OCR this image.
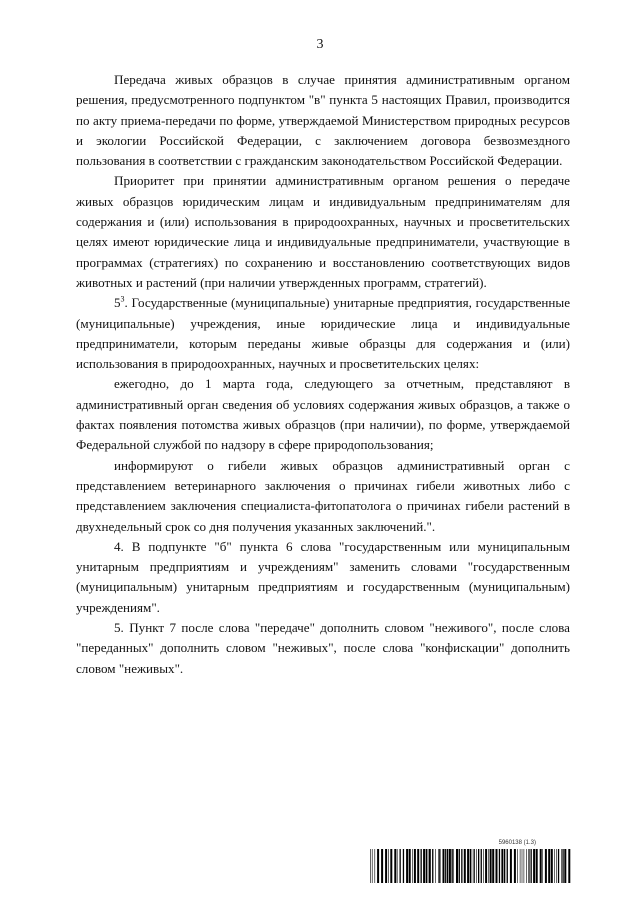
3

Передача живых образцов в случае принятия административным органом решения, предусмотренного подпунктом "в" пункта 5 настоящих Правил, производится по акту приема-передачи по форме, утверждаемой Министерством природных ресурсов и экологии Российской Федерации, с заключением договора безвозмездного пользования в соответствии с гражданским законодательством Российской Федерации.

Приоритет при принятии административным органом решения о передаче живых образцов юридическим лицам и индивидуальным предпринимателям для содержания и (или) использования в природоохранных, научных и просветительских целях имеют юридические лица и индивидуальные предприниматели, участвующие в программах (стратегиях) по сохранению и восстановлению соответствующих видов животных и растений (при наличии утвержденных программ, стратегий).

$5^3$. Государственные (муниципальные) унитарные предприятия, государственные (муниципальные) учреждения, иные юридические лица и индивидуальные предприниматели, которым переданы живые образцы для содержания и (или) использования в природоохранных, научных и просветительских целях:

ежегодно, до 1 марта года, следующего за отчетным, представляют в административный орган сведения об условиях содержания живых образцов, а также о фактах появления потомства живых образцов (при наличии), по форме, утверждаемой Федеральной службой по надзору в сфере природопользования;

информируют о гибели живых образцов административный орган с представлением ветеринарного заключения о причинах гибели животных либо с представлением заключения специалиста-фитопатолога о причинах гибели растений в двухнедельный срок со дня получения указанных заключений.".

4. В подпункте "б" пункта 6 слова "государственным или муниципальным унитарным предприятиям и учреждениям" заменить словами "государственным (муниципальным) унитарным предприятиям и государственным (муниципальным) учреждениям".

5. Пункт 7 после слова "передаче" дополнить словом "неживого", после слова "переданных" дополнить словом "неживых", после слова "конфискации" дополнить словом "неживых".

5960138 (1.3)
